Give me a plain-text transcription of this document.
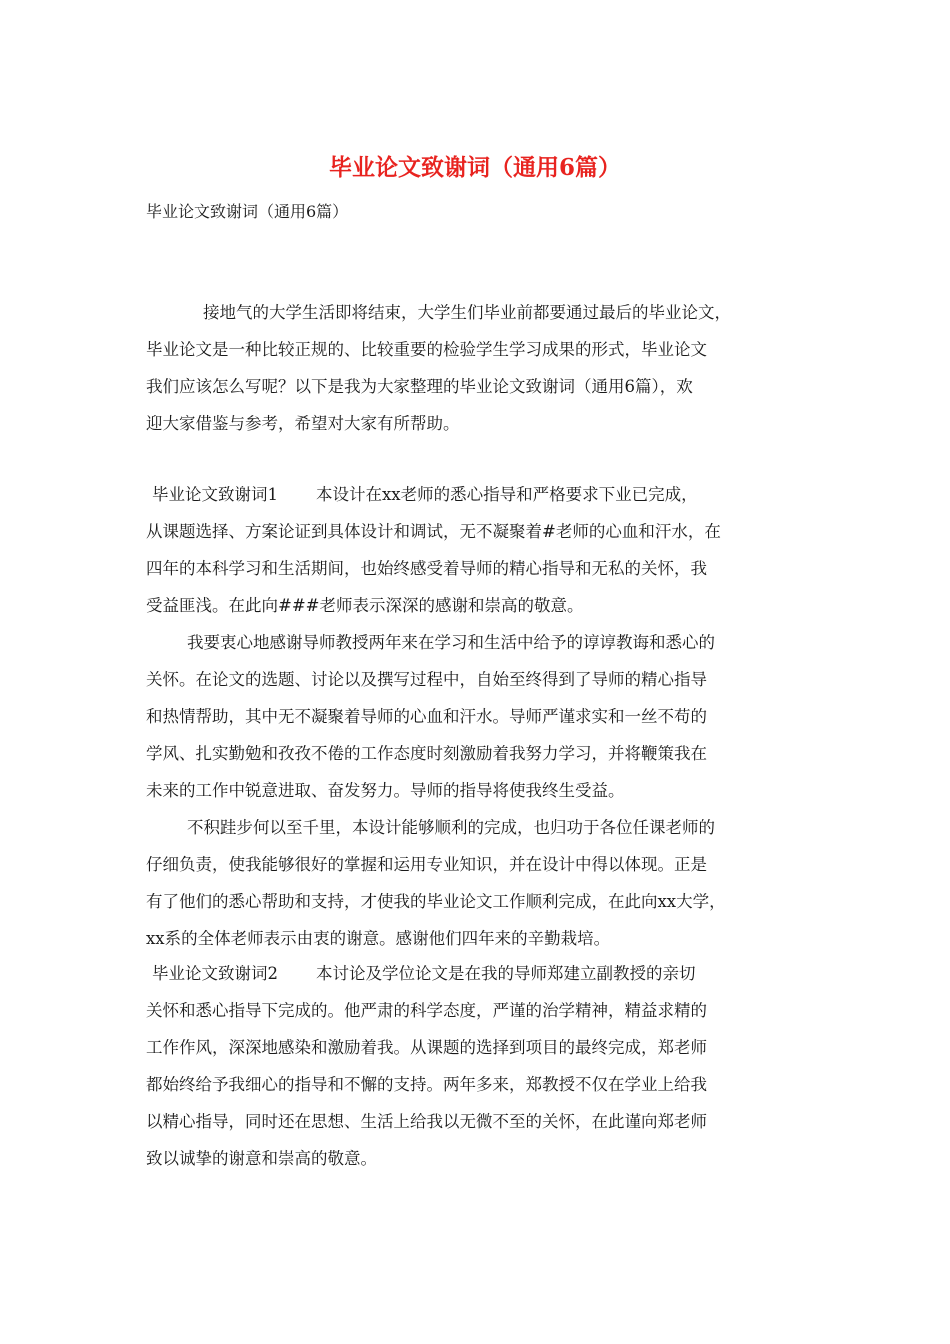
毕业论文致谢词（通用6篇）
毕业论文致谢词（通用6篇）
接地气的大学生活即将结束，大学生们毕业前都要通过最后的毕业论文，
毕业论文是一种比较正规的、比较重要的检验学生学习成果的形式，毕业论文
我们应该怎么写呢？以下是我为大家整理的毕业论文致谢词（通用6篇），欢
迎大家借鉴与参考，希望对大家有所帮助。
毕业论文致谢词1 本设计在xx老师的悉心指导和严格要求下业已完成，
从课题选择、方案论证到具体设计和调试，无不凝聚着#老师的心血和汗水，在
四年的本科学习和生活期间，也始终感受着导师的精心指导和无私的关怀，我
受益匪浅。在此向###老师表示深深的感谢和崇高的敬意。
我要衷心地感谢导师教授两年来在学习和生活中给予的谆谆教诲和悉心的
关怀。在论文的选题、讨论以及撰写过程中，自始至终得到了导师的精心指导
和热情帮助，其中无不凝聚着导师的心血和汗水。导师严谨求实和一丝不苟的
学风、扎实勤勉和孜孜不倦的工作态度时刻激励着我努力学习，并将鞭策我在
未来的工作中锐意进取、奋发努力。导师的指导将使我终生受益。
不积跬步何以至千里，本设计能够顺利的完成，也归功于各位任课老师的
仔细负责，使我能够很好的掌握和运用专业知识，并在设计中得以体现。正是
有了他们的悉心帮助和支持，才使我的毕业论文工作顺利完成，在此向xx大学，
xx系的全体老师表示由衷的谢意。感谢他们四年来的辛勤栽培。
毕业论文致谢词2 本讨论及学位论文是在我的导师郑建立副教授的亲切
关怀和悉心指导下完成的。他严肃的科学态度，严谨的治学精神，精益求精的
工作作风，深深地感染和激励着我。从课题的选择到项目的最终完成，郑老师
都始终给予我细心的指导和不懈的支持。两年多来，郑教授不仅在学业上给我
以精心指导，同时还在思想、生活上给我以无微不至的关怀，在此谨向郑老师
致以诚挚的谢意和崇高的敬意。
